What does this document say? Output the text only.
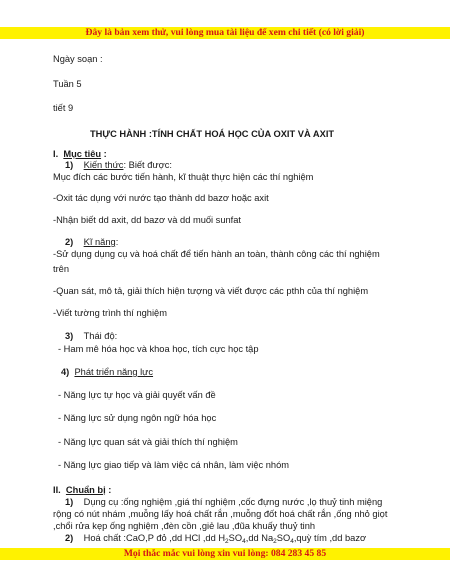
Đây là bản xem thử, vui lòng mua tài liệu để xem chi tiết (có lời giải)
Ngày soạn :
Tuần 5
tiết 9
THỰC HÀNH :TÍNH CHẤT HOÁ HỌC CỦA OXIT VÀ AXIT
I. Mục tiêu :
1) Kiến thức: Biết được:
Mục đích các bước tiến hành, kĩ thuật thực hiện các thí nghiệm
-Oxit tác dụng với nước tạo thành dd bazơ hoặc axit
-Nhận biết dd axit, dd bazơ và dd muối sunfat
2) Kĩ năng:
-Sử dụng dụng cụ và hoá chất để tiến hành an toàn, thành công các thí nghiệm
trên
-Quan sát, mô tả, giải thích hiện tượng và viết được các pthh của thí nghiệm
-Viết tường trình thí nghiệm
3) Thái độ:
- Ham mê hóa học và khoa học, tích cực học tập
4) Phát triển năng lực
- Năng lực tự học và giải quyết vấn đề
- Năng lực sử dụng ngôn ngữ hóa học
- Năng lực quan sát và giải thích thí nghiệm
- Năng lực giao tiếp và làm việc cá nhân, làm việc nhóm
II. Chuẩn bị :
1) Dụng cụ :ống nghiệm ,giá thí nghiệm ,cốc đựng nước ,lọ thuỷ tinh miệng
rộng có nút nhám ,muỗng lấy hoá chất rắn ,muỗng đốt hoá chất rắn ,ống nhỏ giọt
,chổi rửa kẹp ống nghiệm ,đèn cồn ,giẻ lau ,đũa khuấy thuỷ tinh
2) Hoá chất :CaO,P đỏ ,dd HCl ,dd $H_2SO_4,dd$ $Na_2SO_4,quỳ$ tím ,dd bazơ
Mọi thắc mắc vui lòng xin vui lòng: 084 283 45 85
